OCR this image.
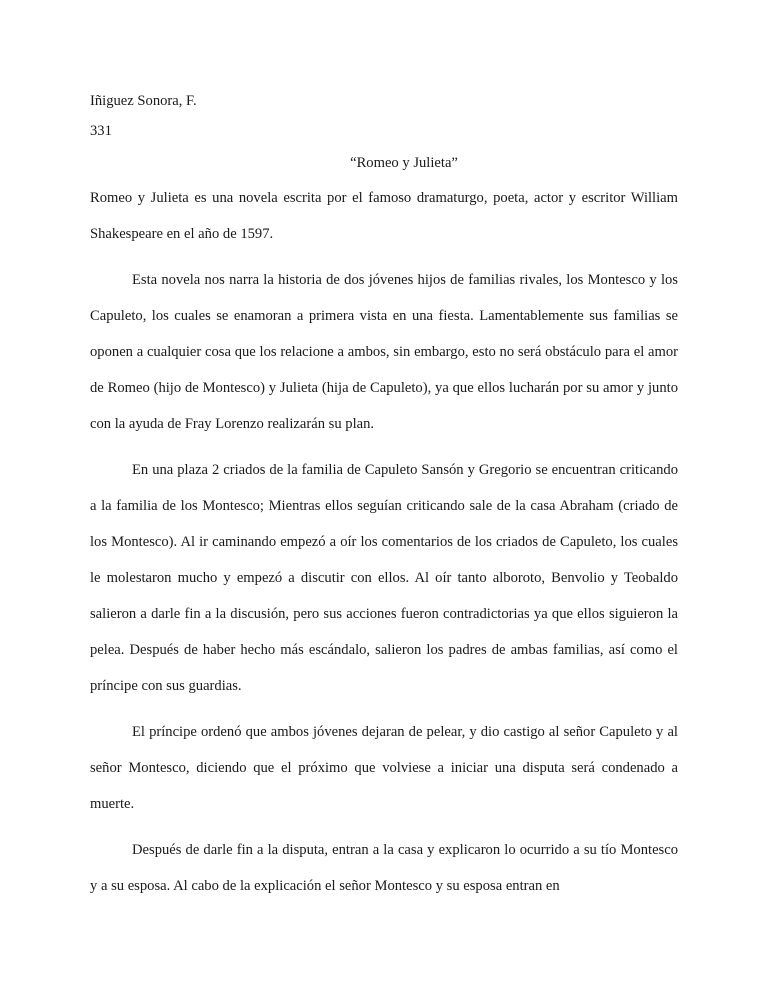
Iñiguez Sonora, F.

331

“Romeo y Julieta”

Romeo y Julieta es una novela escrita por el famoso dramaturgo, poeta, actor y escritor William Shakespeare en el año de 1597.

Esta novela nos narra la historia de dos jóvenes hijos de familias rivales, los Montesco y los Capuleto, los cuales se enamoran a primera vista en una fiesta. Lamentablemente sus familias se oponen a cualquier cosa que los relacione a ambos, sin embargo, esto no será obstáculo para el amor de Romeo (hijo de Montesco) y Julieta (hija de Capuleto), ya que ellos lucharán por su amor y junto con la ayuda de Fray Lorenzo realizarán su plan.

En una plaza 2 criados de la familia de Capuleto Sansón y Gregorio se encuentran criticando a la familia de los Montesco; Mientras ellos seguían criticando sale de la casa Abraham (criado de los Montesco). Al ir caminando empezó a oír los comentarios de los criados de Capuleto, los cuales le molestaron mucho y empezó a discutir con ellos. Al oír tanto alboroto, Benvolio y Teobaldo salieron a darle fin a la discusión, pero sus acciones fueron contradictorias ya que ellos siguieron la pelea. Después de haber hecho más escándalo, salieron los padres de ambas familias, así como el príncipe con sus guardias.

El príncipe ordenó que ambos jóvenes dejaran de pelear, y dio castigo al señor Capuleto y al señor Montesco, diciendo que el próximo que volviese a iniciar una disputa será condenado a muerte.

Después de darle fin a la disputa, entran a la casa y explicaron lo ocurrido a su tío Montesco y a su esposa. Al cabo de la explicación el señor Montesco y su esposa entran en
